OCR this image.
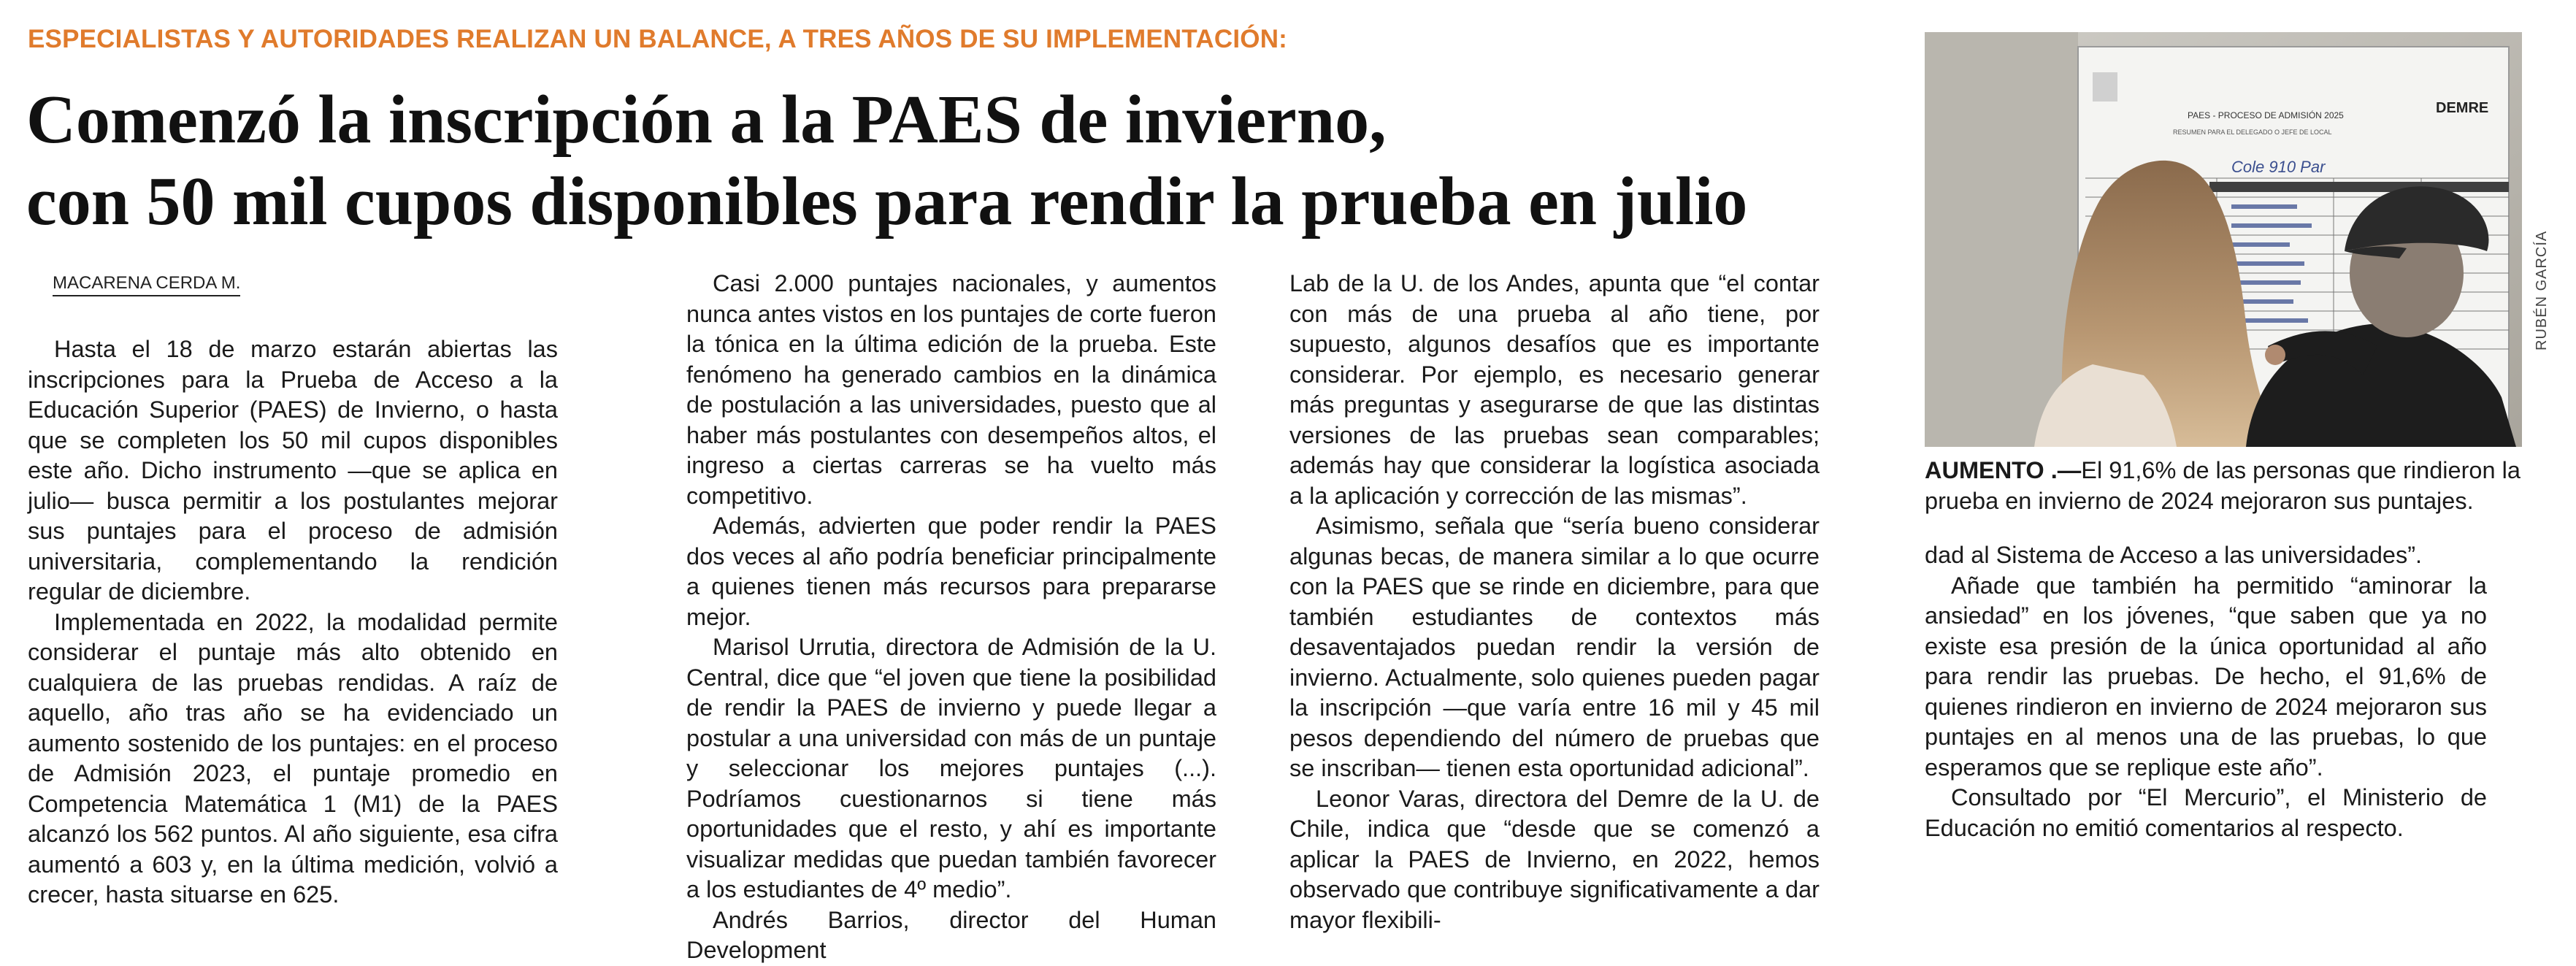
ESPECIALISTAS Y AUTORIDADES REALIZAN UN BALANCE, A TRES AÑOS DE SU IMPLEMENTACIÓN:
Comenzó la inscripción a la PAES de invierno,
con 50 mil cupos disponibles para rendir la prueba en julio
MACARENA CERDA M.

Hasta el 18 de marzo estarán abiertas las inscripciones para la Prueba de Acceso a la Educación Superior (PAES) de Invierno, o hasta que se completen los 50 mil cupos disponibles este año. Dicho instrumento —que se aplica en julio— busca permitir a los postulantes mejorar sus puntajes para el proceso de admisión universitaria, complementando la rendición regular de diciembre.

Implementada en 2022, la modalidad permite considerar el puntaje más alto obtenido en cualquiera de las pruebas rendidas. A raíz de aquello, año tras año se ha evidenciado un aumento sostenido de los puntajes: en el proceso de Admisión 2023, el puntaje promedio en Competencia Matemática 1 (M1) de la PAES alcanzó los 562 puntos. Al año siguiente, esa cifra aumentó a 603 y, en la última medición, volvió a crecer, hasta situarse en 625.

Casi 2.000 puntajes nacionales, y aumentos nunca antes vistos en los puntajes de corte fueron la tónica en la última edición de la prueba. Este fenómeno ha generado cambios en la dinámica de postulación a las universidades, puesto que al haber más postulantes con desempeños altos, el ingreso a ciertas carreras se ha vuelto más competitivo.

Además, advierten que poder rendir la PAES dos veces al año podría beneficiar principalmente a quienes tienen más recursos para prepararse mejor.

Marisol Urrutia, directora de Admisión de la U. Central, dice que “el joven que tiene la posibilidad de rendir la PAES de invierno y puede llegar a postular a una universidad con más de un puntaje y seleccionar los mejores puntajes (...). Podríamos cuestionarnos si tiene más oportunidades que el resto, y ahí es importante visualizar medidas que puedan también favorecer a los estudiantes de 4º medio”.

Andrés Barrios, director del Human Development

Lab de la U. de los Andes, apunta que “el contar con más de una prueba al año tiene, por supuesto, algunos desafíos que es importante considerar. Por ejemplo, es necesario generar más preguntas y asegurarse de que las distintas versiones de las pruebas sean comparables; además hay que considerar la logística asociada a la aplicación y corrección de las mismas”.

Asimismo, señala que “sería bueno considerar algunas becas, de manera similar a lo que ocurre con la PAES que se rinde en diciembre, para que también estudiantes de contextos más desaventajados puedan rendir la versión de invierno. Actualmente, solo quienes pueden pagar la inscripción —que varía entre 16 mil y 45 mil pesos dependiendo del número de pruebas que se inscriban— tienen esta oportunidad adicional”.

Leonor Varas, directora del Demre de la U. de Chile, indica que “desde que se comenzó a aplicar la PAES de Invierno, en 2022, hemos observado que contribuye significativamente a dar mayor flexibili-

PAES - PROCESO DE ADMISIÓN 2025
RESUMEN PARA EL DELEGADO O JEFE DE LOCAL
DEMRE
Cole 910 Par
RUBÉN GARCÍA
AUMENTO .—El 91,6% de las personas que rindieron la prueba en invierno de 2024 mejoraron sus puntajes.

dad al Sistema de Acceso a las universidades”.

Añade que también ha permitido “aminorar la ansiedad” en los jóvenes, “que saben que ya no existe esa presión de la única oportunidad al año para rendir las pruebas. De hecho, el 91,6% de quienes rindieron en invierno de 2024 mejoraron sus puntajes en al menos una de las pruebas, lo que esperamos que se replique este año”.

Consultado por “El Mercurio”, el Ministerio de Educación no emitió comentarios al respecto.
